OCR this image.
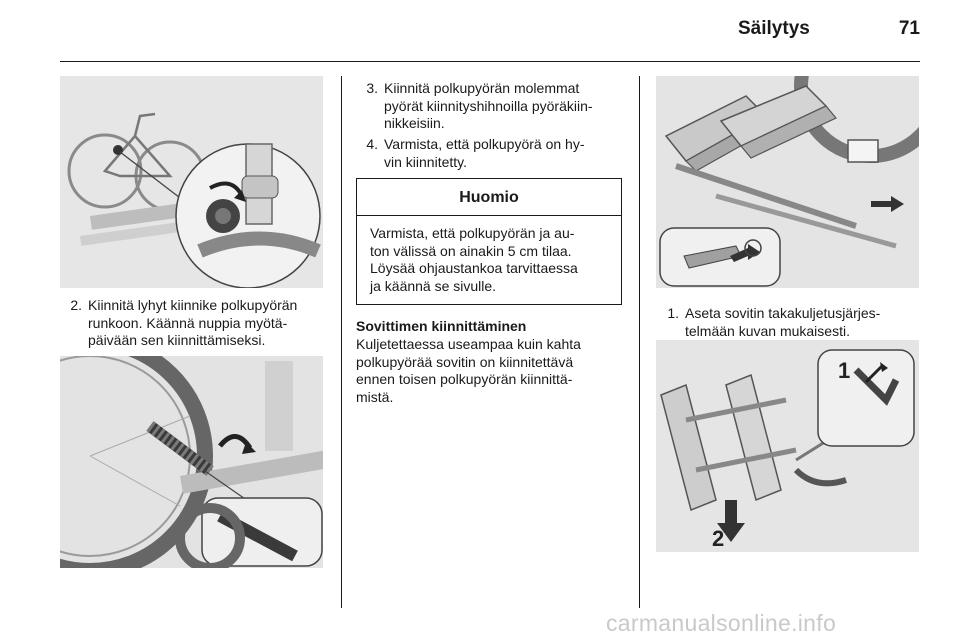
Säilytys	71
2. Kiinnitä lyhyt kiinnike polkupyörän
runkoon. Käännä nuppia myötä-
päivään sen kiinnittämiseksi.
3. Kiinnitä polkupyörän molemmat
pyörät kiinnityshihnoilla pyöräkiin-
nikkeisiin.
4. Varmista, että polkupyörä on hy-
vin kiinnitetty.
Huomio
Varmista, että polkupyörän ja au-
ton välissä on ainakin 5 cm tilaa.
Löysää ohjaustankoa tarvittaessa
ja käännä se sivulle.
Sovittimen kiinnittäminen
Kuljetettaessa useampaa kuin kahta
polkupyörää sovitin on kiinnitettävä
ennen toisen polkupyörän kiinnittä-
mistä.
1. Aseta sovitin takakuljetusjärjes-
telmään kuvan mukaisesti.
1
2
carmanualsonline.info
